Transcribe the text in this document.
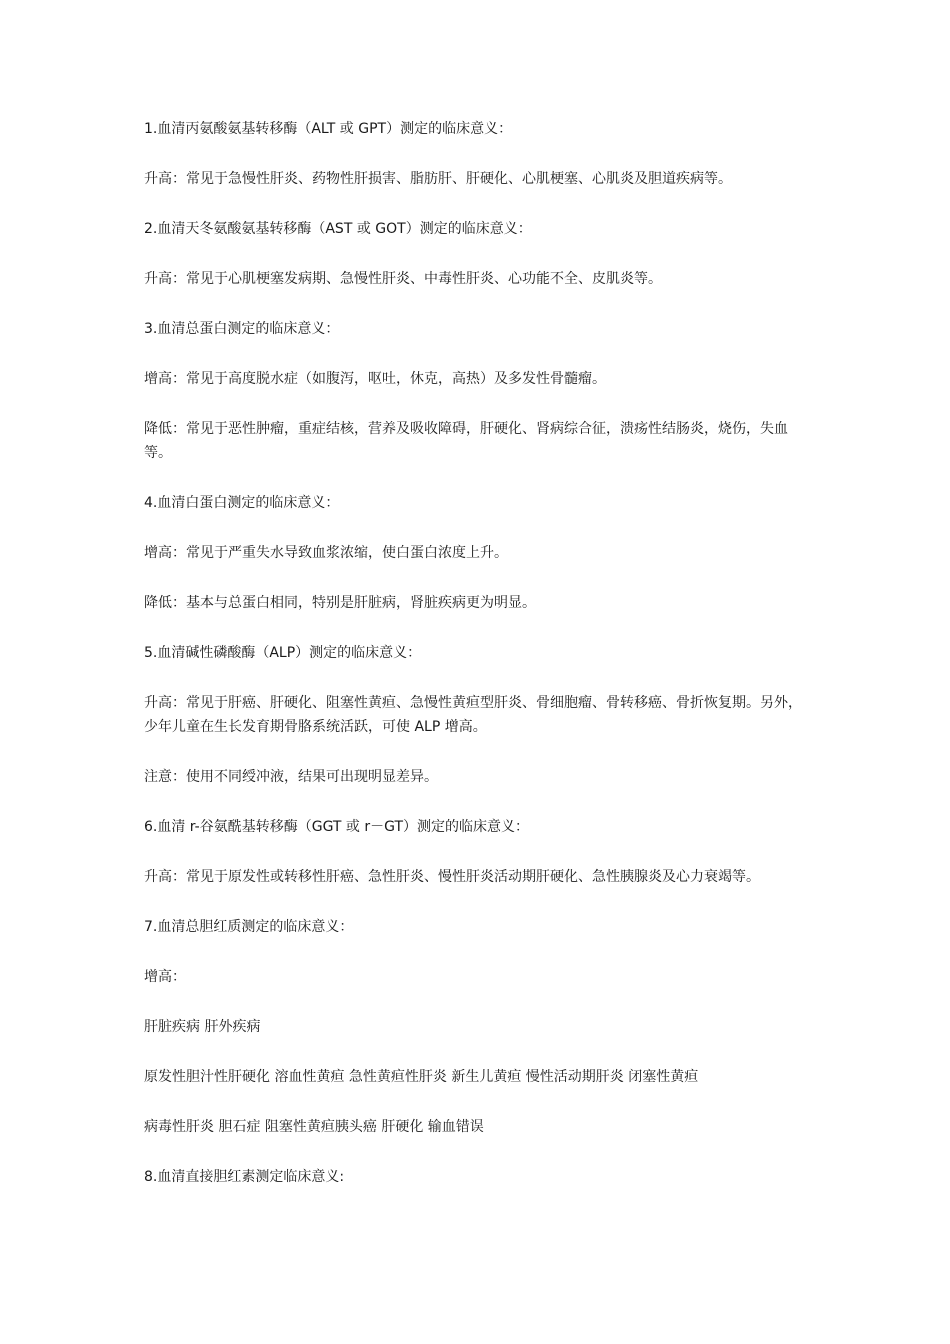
1.血清丙氨酸氨基转移酶（ALT 或 GPT）测定的临床意义：

升高：常见于急慢性肝炎、药物性肝损害、脂肪肝、肝硬化、心肌梗塞、心肌炎及胆道疾病等。

2.血清天冬氨酸氨基转移酶（AST 或 GOT）测定的临床意义：

升高：常见于心肌梗塞发病期、急慢性肝炎、中毒性肝炎、心功能不全、皮肌炎等。

3.血清总蛋白测定的临床意义：

增高：常见于高度脱水症（如腹泻，呕吐，休克，高热）及多发性骨髓瘤。

降低：常见于恶性肿瘤，重症结核，营养及吸收障碍，肝硬化、肾病综合征，溃疡性结肠炎，烧伤，失血等。

4.血清白蛋白测定的临床意义：

增高：常见于严重失水导致血浆浓缩，使白蛋白浓度上升。

降低：基本与总蛋白相同，特别是肝脏病，肾脏疾病更为明显。

5.血清碱性磷酸酶（ALP）测定的临床意义：

升高：常见于肝癌、肝硬化、阻塞性黄疸、急慢性黄疸型肝炎、骨细胞瘤、骨转移癌、骨折恢复期。另外，少年儿童在生长发育期骨胳系统活跃，可使 ALP 增高。

注意：使用不同绶冲液，结果可出现明显差异。

6.血清 r-谷氨酰基转移酶（GGT 或 r－GT）测定的临床意义：

升高：常见于原发性或转移性肝癌、急性肝炎、慢性肝炎活动期肝硬化、急性胰腺炎及心力衰竭等。

7.血清总胆红质测定的临床意义：

增高：

肝脏疾病 肝外疾病

原发性胆汁性肝硬化 溶血性黄疸 急性黄疸性肝炎 新生儿黄疸 慢性活动期肝炎 闭塞性黄疸

病毒性肝炎 胆石症 阻塞性黄疸胰头癌 肝硬化 输血错误

8.血清直接胆红素测定临床意义:
